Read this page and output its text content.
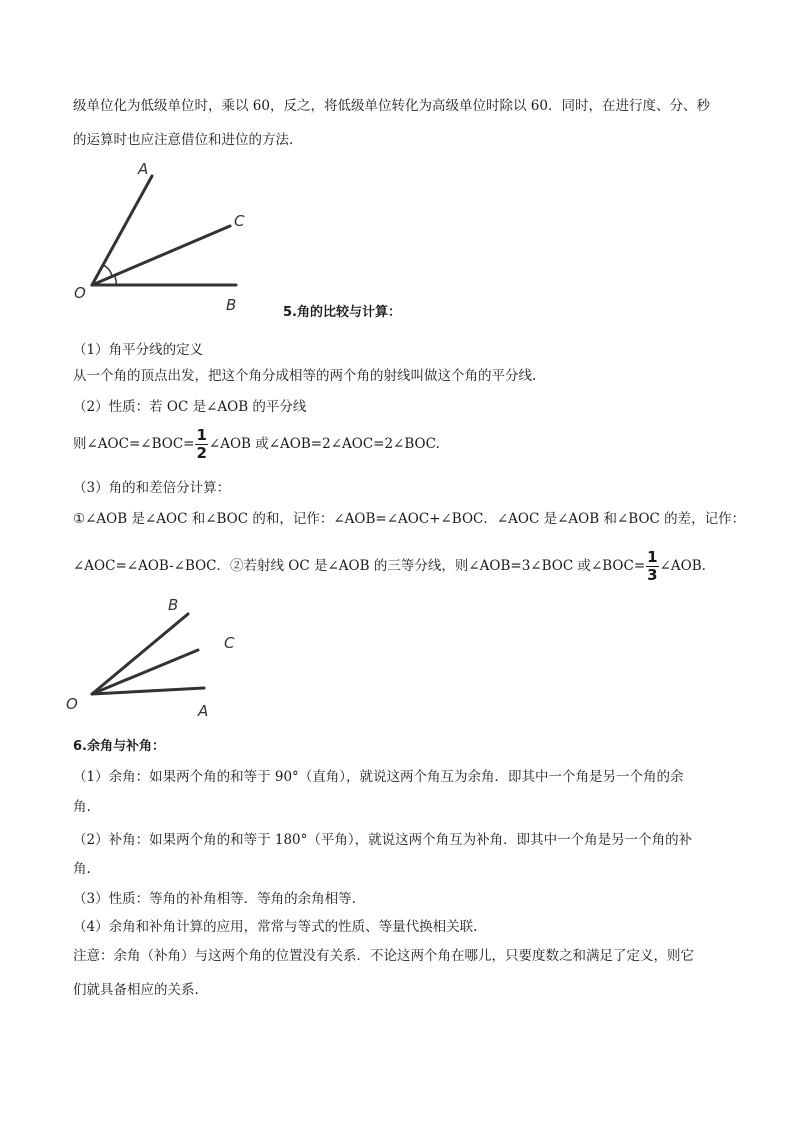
级单位化为低级单位时，乘以 60，反之，将低级单位转化为高级单位时除以 60．同时，在进行度、分、秒
的运算时也应注意借位和进位的方法.
A
C
O
B	5.角的比较与计算：
（1）角平分线的定义
从一个角的顶点出发，把这个角分成相等的两个角的射线叫做这个角的平分线.
（2）性质：若 OC 是∠AOB 的平分线
则∠AOC=∠BOC= $\frac{1}{2}$ ∠AOB 或∠AOB=2∠AOC=2∠BOC.
（3）角的和差倍分计算：
①∠AOB 是∠AOC 和∠BOC 的和，记作：∠AOB=∠AOC+∠BOC．∠AOC 是∠AOB 和∠BOC 的差，记作：
∠AOC=∠AOB-∠BOC．②若射线 OC 是∠AOB 的三等分线，则∠AOB=3∠BOC 或∠BOC= $\frac{1}{3}$ ∠AOB.
B
C
O	A
6.余角与补角：
（1）余角：如果两个角的和等于 90°（直角），就说这两个角互为余角．即其中一个角是另一个角的余
角.
（2）补角：如果两个角的和等于 180°（平角），就说这两个角互为补角．即其中一个角是另一个角的补
角.
（3）性质：等角的补角相等．等角的余角相等.
（4）余角和补角计算的应用，常常与等式的性质、等量代换相关联.
注意：余角（补角）与这两个角的位置没有关系．不论这两个角在哪儿，只要度数之和满足了定义，则它
们就具备相应的关系.
